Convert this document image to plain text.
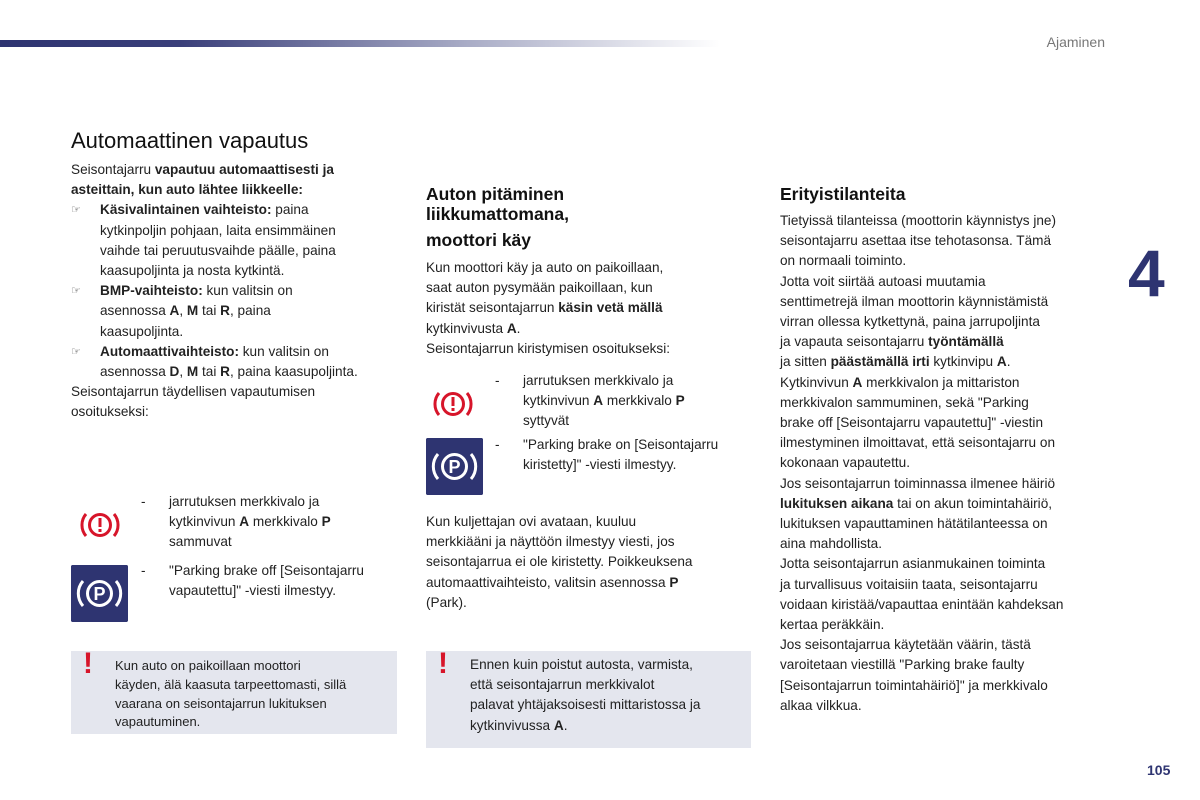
Ajaminen
4
105
Automaattinen vapautus

Seisontajarru vapautuu automaattisesti ja

asteittain, kun auto lähtee liikkeelle:

☞ Käsivalintainen vaihteisto: paina

kytkinpoljin pohjaan, laita ensimmäinen

vaihde tai peruutusvaihde päälle, paina

kaasupoljinta ja nosta kytkintä.

☞ BMP-vaihteisto: kun valitsin on

asennossa A, M tai R, paina

kaasupoljinta.

☞ Automaattivaihteisto: kun valitsin on

asennossa D, M tai R, paina kaasupoljinta.

Seisontajarrun täydellisen vapautumisen

osoitukseksi:

P
- jarrutuksen merkkivalo ja
kytkinvivun A merkkivalo P
sammuvat
- "Parking brake off [Seisontajarru
vapautettu]" -viesti ilmestyy.
! Kun auto on paikoillaan moottori
käyden, älä kaasuta tarpeettomasti, sillä
vaarana on seisontajarrun lukituksen
vapautuminen.
Auton pitäminen
liikkumattomana,
moottori käy

Kun moottori käy ja auto on paikoillaan,

saat auton pysymään paikoillaan, kun

kiristät seisontajarrun käsin vetä mällä

kytkinvivusta A.

Seisontajarrun kiristymisen osoitukseksi:

P
- jarrutuksen merkkivalo ja
kytkinvivun A merkkivalo P
syttyvät
- "Parking brake on [Seisontajarru
kiristetty]" -viesti ilmestyy.

Kun kuljettajan ovi avataan, kuuluu

merkkiääni ja näyttöön ilmestyy viesti, jos

seisontajarrua ei ole kiristetty. Poikkeuksena

automaattivaihteisto, valitsin asennossa P

(Park).

! Ennen kuin poistut autosta, varmista,
että seisontajarrun merkkivalot
palavat yhtäjaksoisesti mittaristossa ja
kytkinvivussa A.
Erityistilanteita

Tietyissä tilanteissa (moottorin käynnistys jne)

seisontajarru asettaa itse tehotasonsa. Tämä

on normaali toiminto.

Jotta voit siirtää autoasi muutamia

senttimetrejä ilman moottorin käynnistämistä

virran ollessa kytkettynä, paina jarrupoljinta

ja vapauta seisontajarru työntämällä

ja sitten päästämällä irti kytkinvipu A.

Kytkinvivun A merkkivalon ja mittariston

merkkivalon sammuminen, sekä "Parking

brake off [Seisontajarru vapautettu]" -viestin

ilmestyminen ilmoittavat, että seisontajarru on

kokonaan vapautettu.

Jos seisontajarrun toiminnassa ilmenee häiriö

lukituksen aikana tai on akun toimintahäiriö,

lukituksen vapauttaminen hätätilanteessa on

aina mahdollista.

Jotta seisontajarrun asianmukainen toiminta

ja turvallisuus voitaisiin taata, seisontajarru

voidaan kiristää/vapauttaa enintään kahdeksan

kertaa peräkkäin.

Jos seisontajarrua käytetään väärin, tästä

varoitetaan viestillä "Parking brake faulty

[Seisontajarrun toimintahäiriö]" ja merkkivalo

alkaa vilkkua.
